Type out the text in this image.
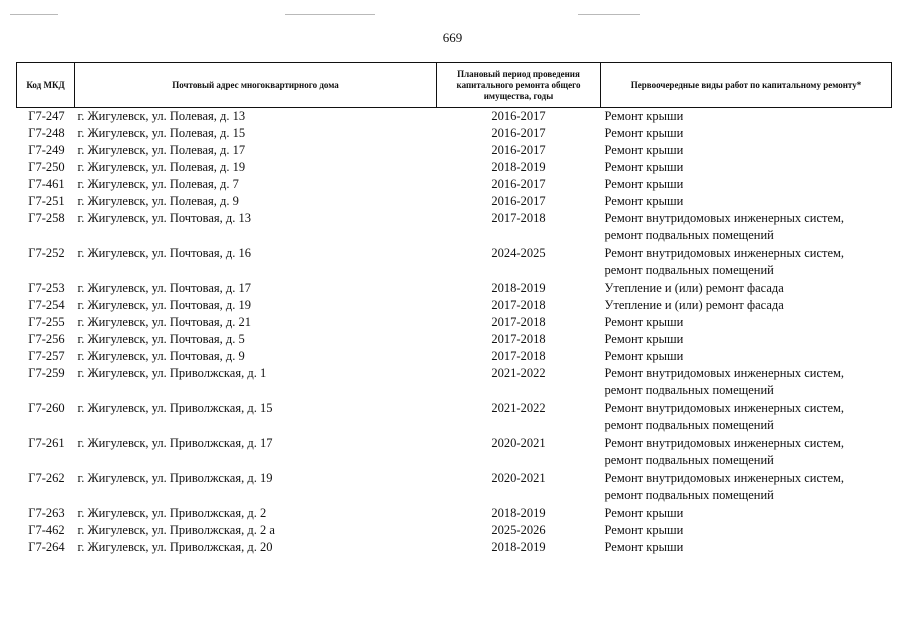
669
Код МКД	Почтовый адрес многоквартирного дома	Плановый период проведения капитального ремонта общего имущества, годы	Первоочередные виды работ по капитальному ремонту*
Г7-247	г. Жигулевск, ул. Полевая, д. 13	2016-2017	Ремонт крыши

Г7-248	г. Жигулевск, ул. Полевая, д. 15	2016-2017	Ремонт крыши

Г7-249	г. Жигулевск, ул. Полевая, д. 17	2016-2017	Ремонт крыши

Г7-250	г. Жигулевск, ул. Полевая, д. 19	2018-2019	Ремонт крыши

Г7-461	г. Жигулевск, ул. Полевая, д. 7	2016-2017	Ремонт крыши

Г7-251	г. Жигулевск, ул. Полевая, д. 9	2016-2017	Ремонт крыши

Г7-258	г. Жигулевск, ул. Почтовая, д. 13	2017-2018	Ремонт внутридомовых инженерных систем,
ремонт подвальных помещений

Г7-252	г. Жигулевск, ул. Почтовая, д. 16	2024-2025	Ремонт внутридомовых инженерных систем,
ремонт подвальных помещений

Г7-253	г. Жигулевск, ул. Почтовая, д. 17	2018-2019	Утепление и (или) ремонт фасада

Г7-254	г. Жигулевск, ул. Почтовая, д. 19	2017-2018	Утепление и (или) ремонт фасада

Г7-255	г. Жигулевск, ул. Почтовая, д. 21	2017-2018	Ремонт крыши

Г7-256	г. Жигулевск, ул. Почтовая, д. 5	2017-2018	Ремонт крыши

Г7-257	г. Жигулевск, ул. Почтовая, д. 9	2017-2018	Ремонт крыши

Г7-259	г. Жигулевск, ул. Приволжская, д. 1	2021-2022	Ремонт внутридомовых инженерных систем,
ремонт подвальных помещений

Г7-260	г. Жигулевск, ул. Приволжская, д. 15	2021-2022	Ремонт внутридомовых инженерных систем,
ремонт подвальных помещений

Г7-261	г. Жигулевск, ул. Приволжская, д. 17	2020-2021	Ремонт внутридомовых инженерных систем,
ремонт подвальных помещений

Г7-262	г. Жигулевск, ул. Приволжская, д. 19	2020-2021	Ремонт внутридомовых инженерных систем,
ремонт подвальных помещений

Г7-263	г. Жигулевск, ул. Приволжская, д. 2	2018-2019	Ремонт крыши

Г7-462	г. Жигулевск, ул. Приволжская, д. 2 а	2025-2026	Ремонт крыши

Г7-264	г. Жигулевск, ул. Приволжская, д. 20	2018-2019	Ремонт крыши
